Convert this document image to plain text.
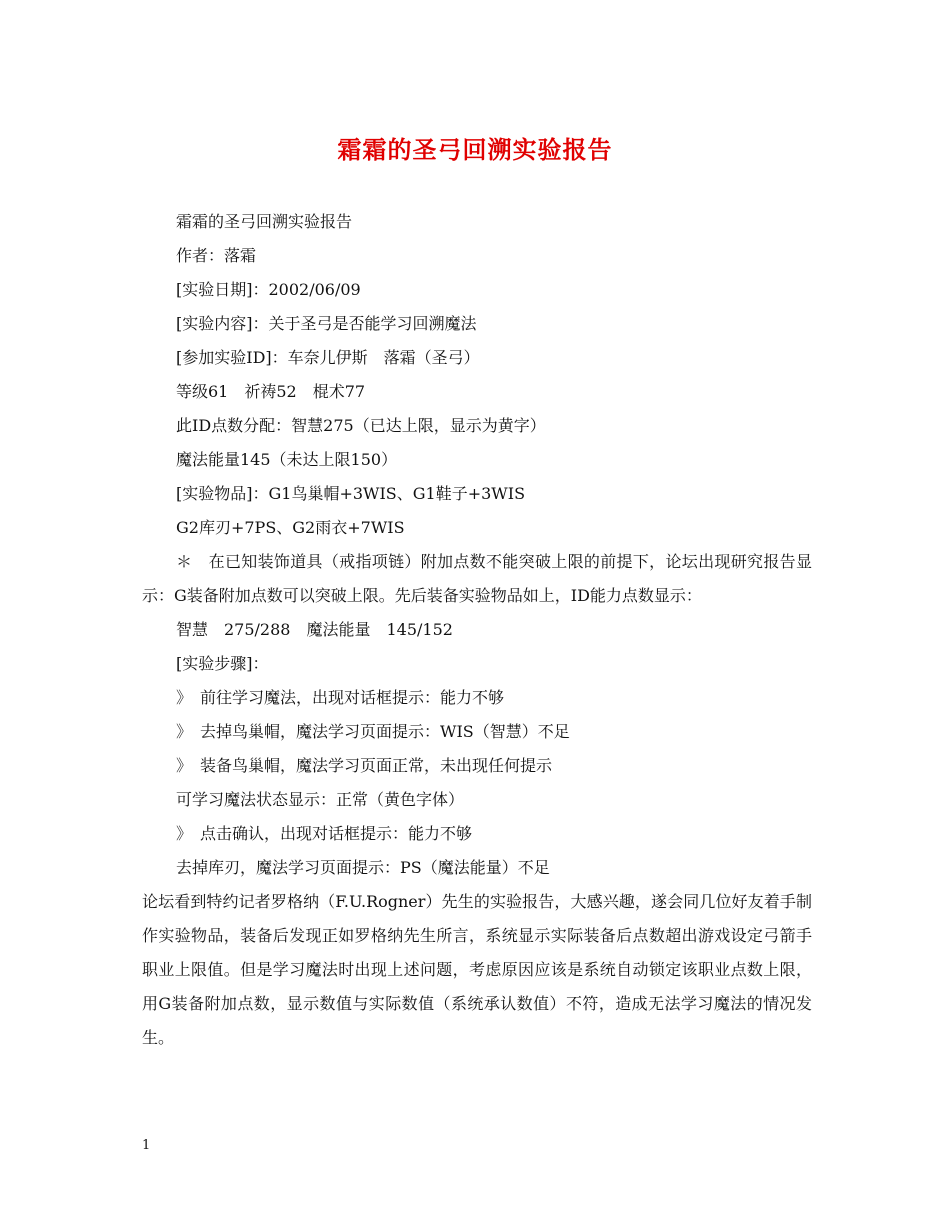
霜霜的圣弓回溯实验报告
霜霜的圣弓回溯实验报告
作者：落霜
[实验日期]：2002/06/09
[实验内容]：关于圣弓是否能学习回溯魔法
[参加实验ID]：车奈儿伊斯　落霜（圣弓）
等级61　祈祷52　棍术77
此ID点数分配：智慧275（已达上限，显示为黄字）
魔法能量145（未达上限150）
[实验物品]：G1鸟巢帽+3WIS、G1鞋子+3WIS
G2库刃+7PS、G2雨衣+7WIS
＊　在已知装饰道具（戒指项链）附加点数不能突破上限的前提下，论坛出现研究报告显示：G装备附加点数可以突破上限。先后装备实验物品如上，ID能力点数显示：
智慧　275/288　魔法能量　145/152
[实验步骤]：
》　前往学习魔法，出现对话框提示：能力不够
》　去掉鸟巢帽，魔法学习页面提示：WIS（智慧）不足
》　装备鸟巢帽，魔法学习页面正常，未出现任何提示
可学习魔法状态显示：正常（黄色字体）
》　点击确认，出现对话框提示：能力不够
去掉库刃，魔法学习页面提示：PS（魔法能量）不足
论坛看到特约记者罗格纳（F.U.Rogner）先生的实验报告，大感兴趣，遂会同几位好友着手制作实验物品，装备后发现正如罗格纳先生所言，系统显示实际装备后点数超出游戏设定弓箭手职业上限值。但是学习魔法时出现上述问题，考虑原因应该是系统自动锁定该职业点数上限，用G装备附加点数，显示数值与实际数值（系统承认数值）不符，造成无法学习魔法的情况发生。
1
